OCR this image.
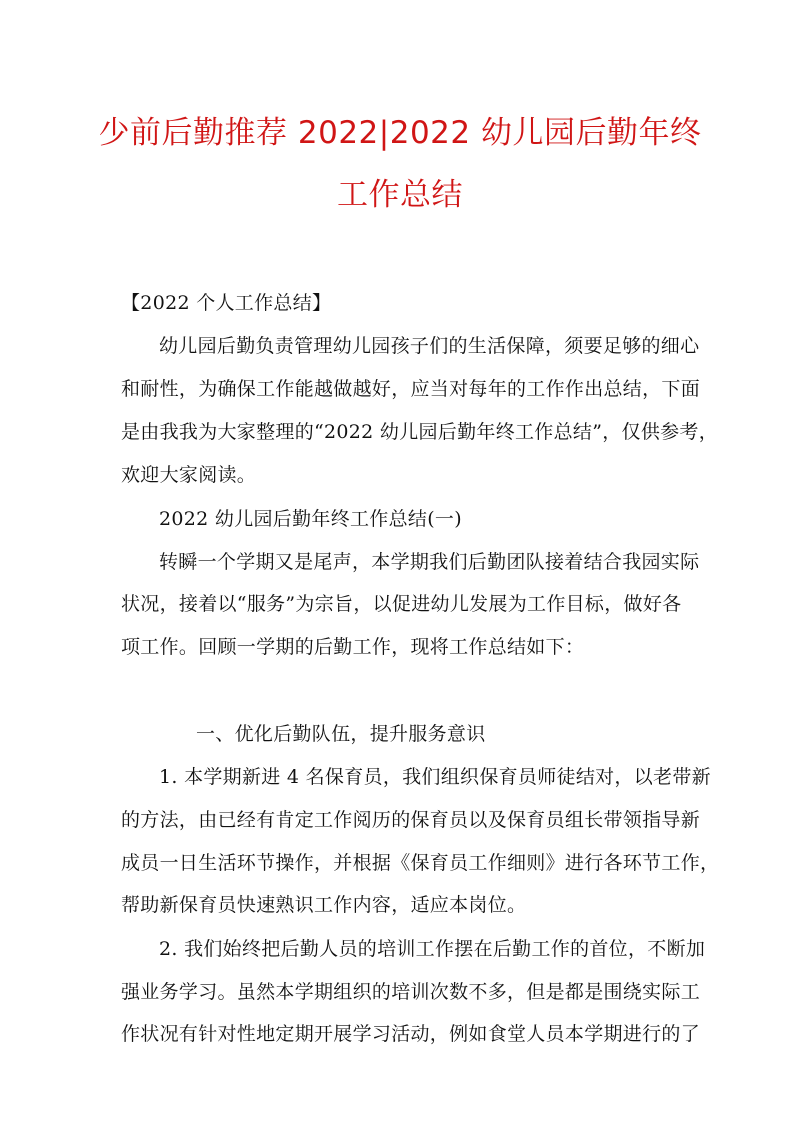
少前后勤推荐 2022|2022 幼儿园后勤年终
工作总结
【2022 个人工作总结】
幼儿园后勤负责管理幼儿园孩子们的生活保障，须要足够的细心
和耐性，为确保工作能越做越好，应当对每年的工作作出总结，下面
是由我我为大家整理的“2022 幼儿园后勤年终工作总结”，仅供参考，
欢迎大家阅读。
2022 幼儿园后勤年终工作总结(一)
转瞬一个学期又是尾声，本学期我们后勤团队接着结合我园实际
状况，接着以“服务”为宗旨，以促进幼儿发展为工作目标，做好各
项工作。回顾一学期的后勤工作，现将工作总结如下：
一、优化后勤队伍，提升服务意识
1. 本学期新进 4 名保育员，我们组织保育员师徒结对，以老带新
的方法，由已经有肯定工作阅历的保育员以及保育员组长带领指导新
成员一日生活环节操作，并根据《保育员工作细则》进行各环节工作，
帮助新保育员快速熟识工作内容，适应本岗位。
2. 我们始终把后勤人员的培训工作摆在后勤工作的首位，不断加
强业务学习。虽然本学期组织的培训次数不多，但是都是围绕实际工
作状况有针对性地定期开展学习活动，例如食堂人员本学期进行的了
